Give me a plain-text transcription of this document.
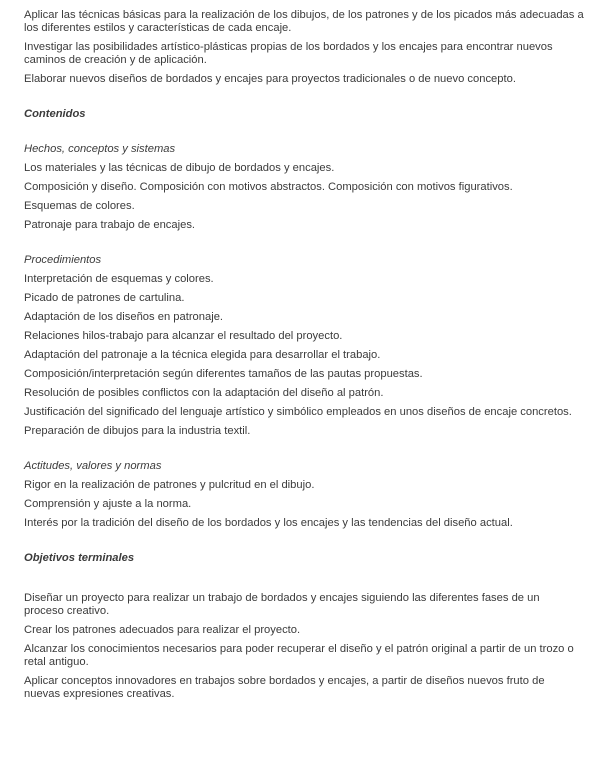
Aplicar las técnicas básicas para la realización de los dibujos, de los patrones y de los picados más adecuadas a
los diferentes estilos y características de cada encaje.

Investigar las posibilidades artístico-plásticas propias de los bordados y los encajes para encontrar nuevos
caminos de creación y de aplicación.

Elaborar nuevos diseños de bordados y encajes para proyectos tradicionales o de nuevo concepto.

Contenidos

Hechos, conceptos y sistemas

Los materiales y las técnicas de dibujo de bordados y encajes.

Composición y diseño. Composición con motivos abstractos. Composición con motivos figurativos.

Esquemas de colores.

Patronaje para trabajo de encajes.

Procedimientos

Interpretación de esquemas y colores.

Picado de patrones de cartulina.

Adaptación de los diseños en patronaje.

Relaciones hilos-trabajo para alcanzar el resultado del proyecto.

Adaptación del patronaje a la técnica elegida para desarrollar el trabajo.

Composición/interpretación según diferentes tamaños de las pautas propuestas.

Resolución de posibles conflictos con la adaptación del diseño al patrón.

Justificación del significado del lenguaje artístico y simbólico empleados en unos diseños de encaje concretos.

Preparación de dibujos para la industria textil.

Actitudes, valores y normas

Rigor en la realización de patrones y pulcritud en el dibujo.

Comprensión y ajuste a la norma.

Interés por la tradición del diseño de los bordados y los encajes y las tendencias del diseño actual.

Objetivos terminales

Diseñar un proyecto para realizar un trabajo de bordados y encajes siguiendo las diferentes fases de un
proceso creativo.

Crear los patrones adecuados para realizar el proyecto.

Alcanzar los conocimientos necesarios para poder recuperar el diseño y el patrón original a partir de un trozo o
retal antiguo.

Aplicar conceptos innovadores en trabajos sobre bordados y encajes, a partir de diseños nuevos fruto de
nuevas expresiones creativas.
